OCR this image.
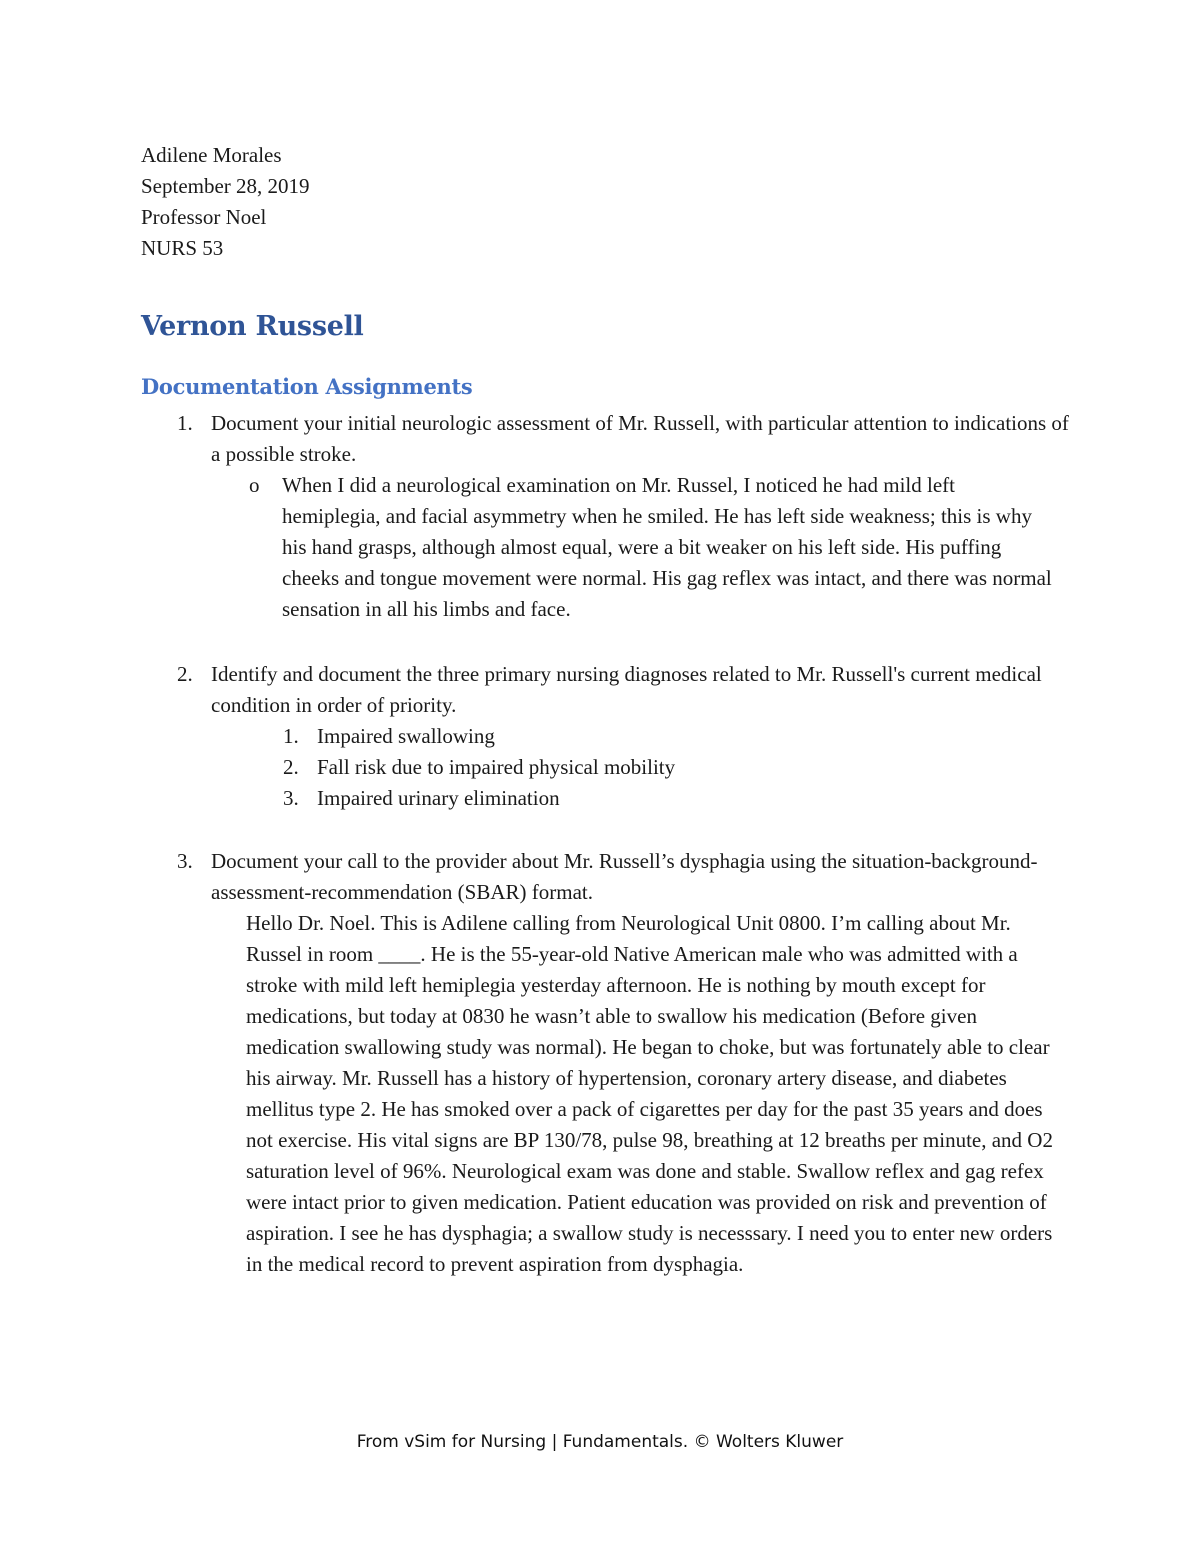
Adilene Morales
September 28, 2019
Professor Noel
NURS 53
Vernon Russell
Documentation Assignments
1. Document your initial neurologic assessment of Mr. Russell, with particular attention to indications of a possible stroke.
o When I did a neurological examination on Mr. Russel, I noticed he had mild left hemiplegia, and facial asymmetry when he smiled. He has left side weakness; this is why his hand grasps, although almost equal, were a bit weaker on his left side. His puffing cheeks and tongue movement were normal. His gag reflex was intact, and there was normal sensation in all his limbs and face.
2. Identify and document the three primary nursing diagnoses related to Mr. Russell's current medical condition in order of priority.
1. Impaired swallowing
2. Fall risk due to impaired physical mobility
3. Impaired urinary elimination
3. Document your call to the provider about Mr. Russell’s dysphagia using the situation-background-assessment-recommendation (SBAR) format.
Hello Dr. Noel. This is Adilene calling from Neurological Unit 0800. I’m calling about Mr. Russel in room ____. He is the 55-year-old Native American male who was admitted with a stroke with mild left hemiplegia yesterday afternoon. He is nothing by mouth except for medications, but today at 0830 he wasn’t able to swallow his medication (Before given medication swallowing study was normal). He began to choke, but was fortunately able to clear his airway. Mr. Russell has a history of hypertension, coronary artery disease, and diabetes mellitus type 2. He has smoked over a pack of cigarettes per day for the past 35 years and does not exercise. His vital signs are BP 130/78, pulse 98, breathing at 12 breaths per minute, and O2 saturation level of 96%. Neurological exam was done and stable. Swallow reflex and gag refex were intact prior to given medication. Patient education was provided on risk and prevention of aspiration. I see he has dysphagia; a swallow study is necesssary. I need you to enter new orders in the medical record to prevent aspiration from dysphagia.
From vSim for Nursing | Fundamentals. © Wolters Kluwer
